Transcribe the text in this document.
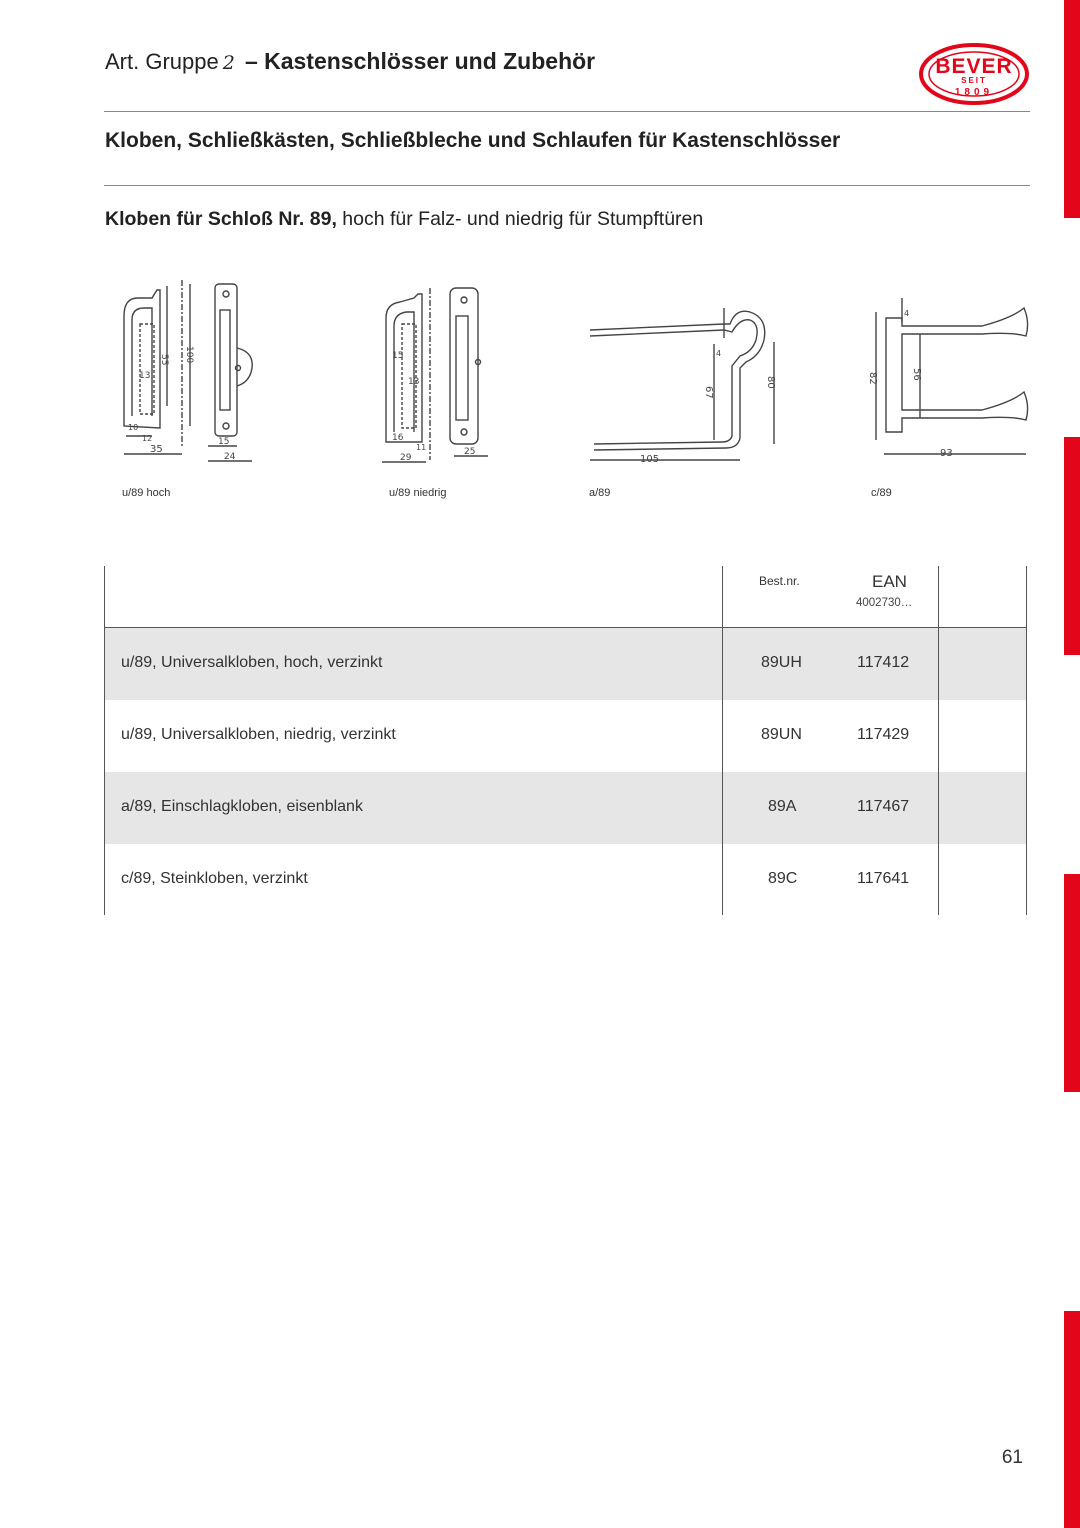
Art. Gruppe 2 – Kastenschlösser und Zubehör	BEVER
SEIT
1809
Kloben, Schließkästen, Schließbleche und Schlaufen für Kastenschlösser
Kloben für Schloß Nr. 89, hoch für Falz- und niedrig für Stumpftüren
55 100
13
10
12
35
15
24
15
13
16
11
29
25
67
80
105
4
82	56
93
4
u/89 hoch	u/89 niedrig	a/89	c/89
Best.nr.	EAN
4002730…
u/89, Universalkloben, hoch, verzinkt	89UH	117412
u/89, Universalkloben, niedrig, verzinkt	89UN	117429
a/89, Einschlagkloben, eisenblank	89A	117467
c/89, Steinkloben, verzinkt	89C	117641
61
